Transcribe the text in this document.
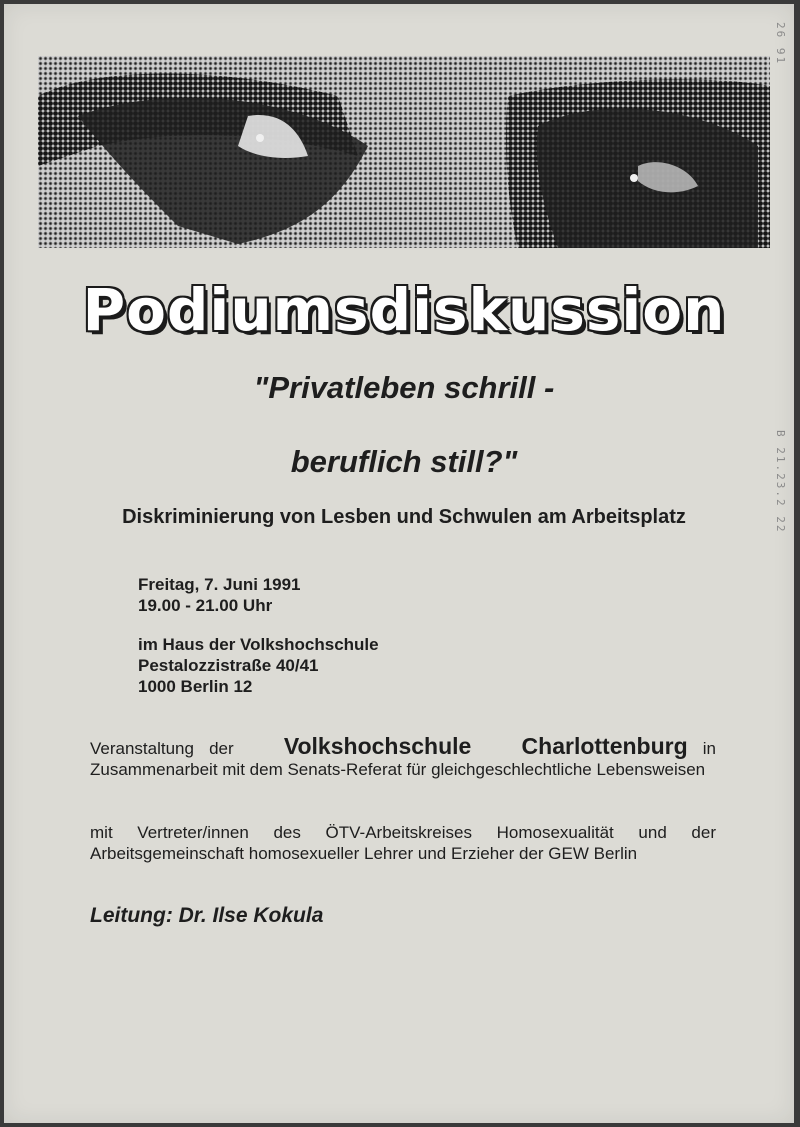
26 91
B 21.23.2 22
Podiumsdiskussion
"Privatleben schrill -
beruflich still?"
Diskriminierung von Lesben und Schwulen am Arbeitsplatz
Freitag, 7. Juni 1991
19.00 - 21.00 Uhr
im Haus der Volkshochschule
Pestalozzistraße 40/41
1000 Berlin 12
Veranstaltung der Volkshochschule Charlottenburg in Zusammenarbeit mit dem Senats-Referat für gleichgeschlechtliche Lebensweisen
mit Vertreter/innen des ÖTV-Arbeitskreises Homosexualität und der Arbeitsgemeinschaft homosexueller Lehrer und Erzieher der GEW Berlin
Leitung: Dr. Ilse Kokula
